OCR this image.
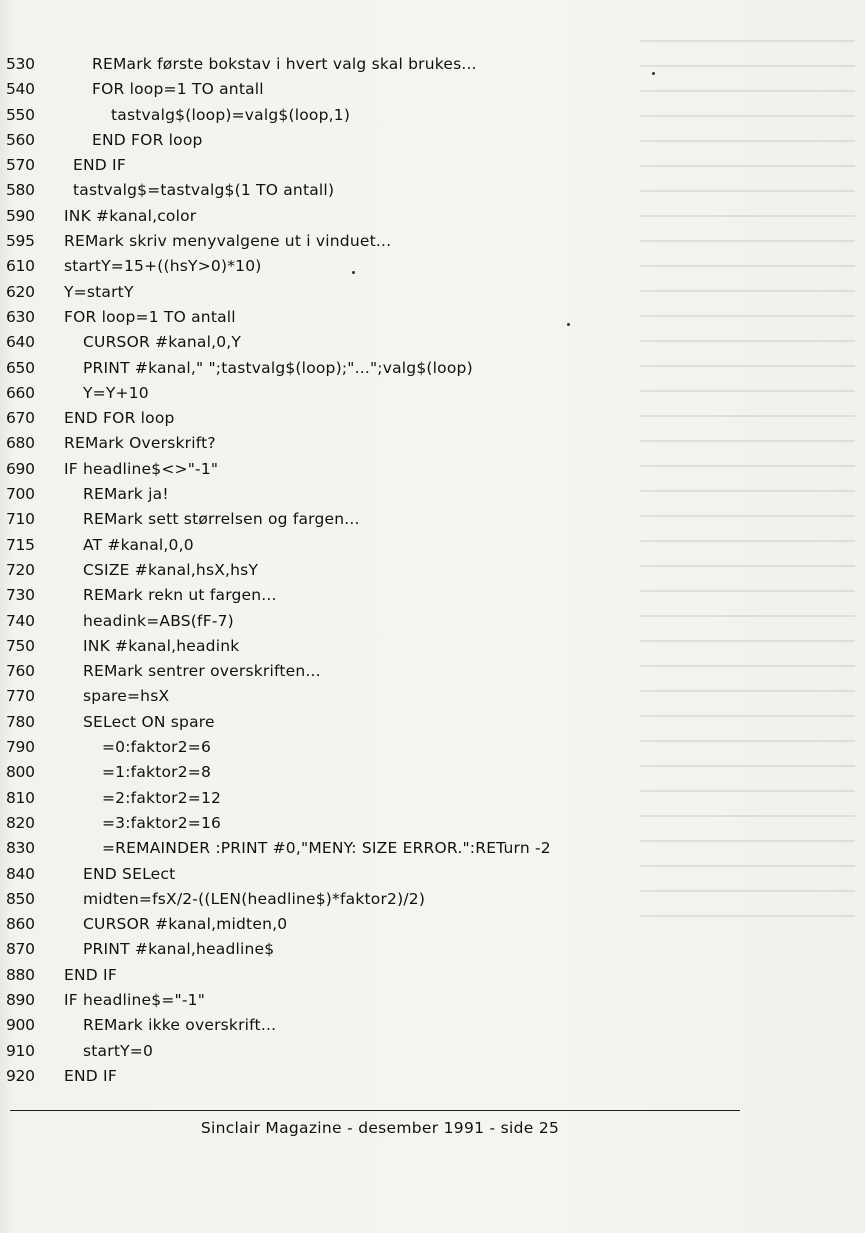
530	REMark første bokstav i hvert valg skal brukes...
540	FOR loop=1 TO antall
550	tastvalg$(loop)=valg$(loop,1)
560	END FOR loop
570	END IF
580	tastvalg$=tastvalg$(1 TO antall)
590	INK #kanal,color
595	REMark skriv menyvalgene ut i vinduet...
610	startY=15+((hsY>0)*10)
620	Y=startY
630	FOR loop=1 TO antall
640	CURSOR #kanal,0,Y
650	PRINT #kanal," ";tastvalg$(loop);"...";valg$(loop)
660	Y=Y+10
670	END FOR loop
680	REMark Overskrift?
690	IF headline$<>"-1"
700	REMark ja!
710	REMark sett størrelsen og fargen...
715	AT #kanal,0,0
720	CSIZE #kanal,hsX,hsY
730	REMark rekn ut fargen...
740	headink=ABS(fF-7)
750	INK #kanal,headink
760	REMark sentrer overskriften...
770	spare=hsX
780	SELect ON spare
790	=0:faktor2=6
800	=1:faktor2=8
810	=2:faktor2=12
820	=3:faktor2=16
830	=REMAINDER :PRINT #0,"MENY: SIZE ERROR.":RETurn -2
840	END SELect
850	midten=fsX/2-((LEN(headline$)*faktor2)/2)
860	CURSOR #kanal,midten,0
870	PRINT #kanal,headline$
880	END IF
890	IF headline$="-1"
900	REMark ikke overskrift...
910	startY=0
920	END IF
Sinclair Magazine - desember 1991 - side 25
